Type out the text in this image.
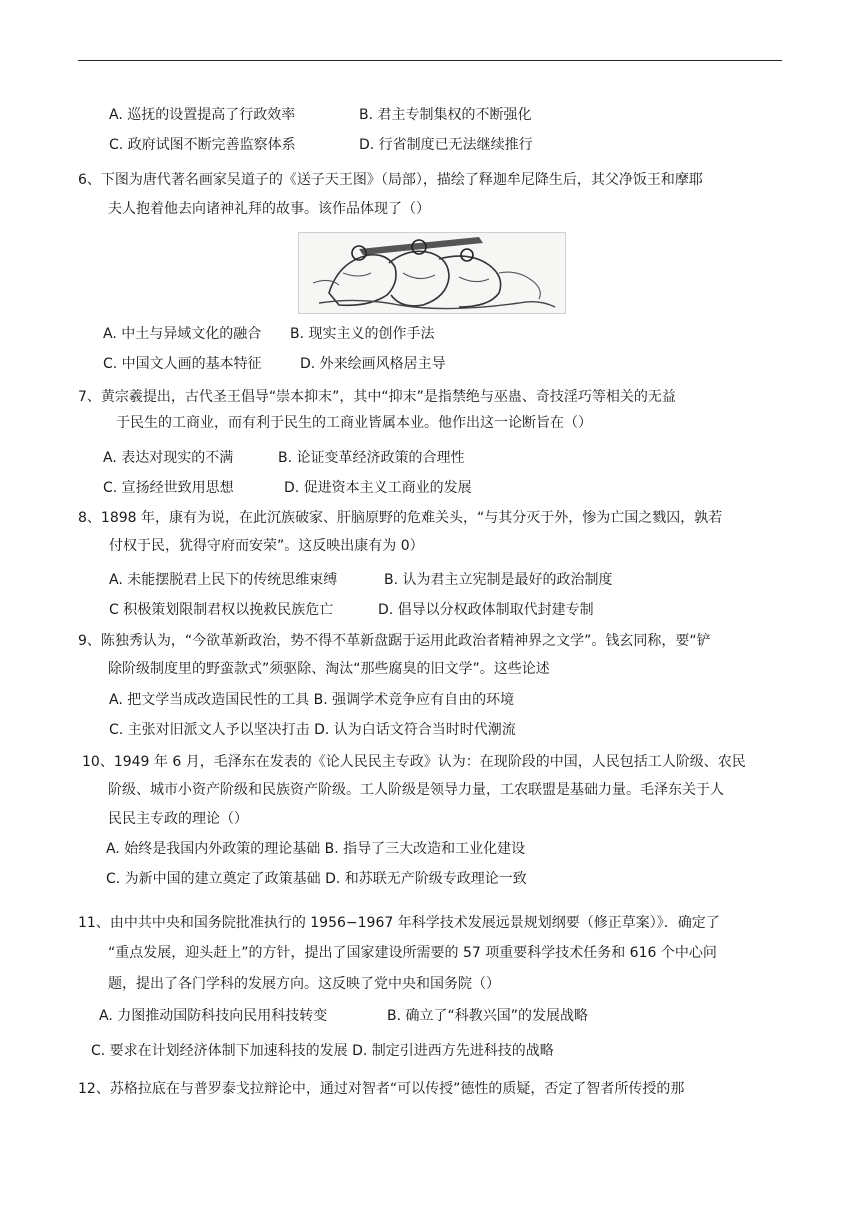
A. 巡抚的设置提高了行政效率	B. 君主专制集权的不断强化
C. 政府试图不断完善监察体系	D. 行省制度已无法继续推行
6、下图为唐代著名画家吴道子的《送子天王图》（局部），描绘了释迦牟尼降生后，其父净饭王和摩耶
夫人抱着他去向诸神礼拜的故事。该作品体现了（）
A. 中土与异域文化的融合 B. 现实主义的创作手法
C. 中国文人画的基本特征	D. 外来绘画风格居主导
7、黄宗羲提出，古代圣王倡导“崇本抑末”，其中“抑末”是指禁绝与巫蛊、奇技淫巧等相关的无益
于民生的工商业，而有利于民生的工商业皆属本业。他作出这一论断旨在（）
A. 表达对现实的不满	B. 论证变革经济政策的合理性
C. 宣扬经世致用思想	D. 促进资本主义工商业的发展
8、1898 年，康有为说，在此沉族破家、肝脑原野的危难关头，“与其分灭于外，惨为亡国之戮囚，孰若
付权于民，犹得守府而安荣”。这反映出康有为 0）
A. 未能摆脱君上民下的传统思维束缚	B. 认为君主立宪制是最好的政治制度
C 积极策划限制君权以挽救民族危亡	D. 倡导以分权政体制取代封建专制
9、陈独秀认为，“今欲革新政治，势不得不革新盘踞于运用此政治者精神界之文学”。钱玄同称，要“铲
除阶级制度里的野蛮款式”须驱除、淘汰“那些腐臭的旧文学”。这些论述
A. 把文学当成改造国民性的工具 B. 强调学术竞争应有自由的环境
C. 主张对旧派文人予以坚决打击 D. 认为白话文符合当时时代潮流
10、1949 年 6 月，毛泽东在发表的《论人民民主专政》认为：在现阶段的中国，人民包括工人阶级、农民
阶级、城市小资产阶级和民族资产阶级。工人阶级是领导力量，工农联盟是基础力量。毛泽东关于人
民民主专政的理论（）
A. 始终是我国内外政策的理论基础 B. 指导了三大改造和工业化建设
C. 为新中国的建立奠定了政策基础 D. 和苏联无产阶级专政理论一致
11、由中共中央和国务院批准执行的 1956−1967 年科学技术发展远景规划纲要（修正草案）》．确定了
“重点发展，迎头赶上”的方针，提出了国家建设所需要的 57 项重要科学技术任务和 616 个中心问
题，提出了各门学科的发展方向。这反映了党中央和国务院（）
A. 力图推动国防科技向民用科技转变	B. 确立了“科教兴国”的发展战略
C. 要求在计划经济体制下加速科技的发展 D. 制定引进西方先进科技的战略
12、苏格拉底在与普罗泰戈拉辩论中，通过对智者“可以传授”德性的质疑，否定了智者所传授的那
